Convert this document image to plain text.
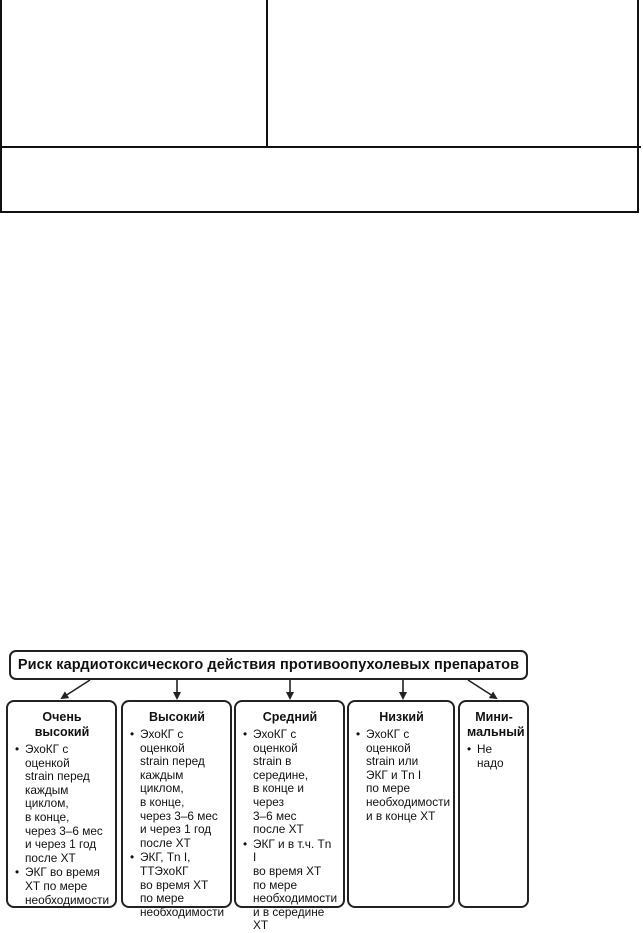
Риск кардиотоксического действия противоопухолевых препаратов
Очень
высокий
• ЭхоКГ с оценкой
strain перед
каждым циклом,
в конце,
через 3–6 мес
и через 1 год
после ХТ
• ЭКГ во время
ХТ по мере
необходимости
Высокий
• ЭхоКГ с оценкой
strain перед
каждым циклом,
в конце,
через 3–6 мес
и через 1 год
после ХТ
• ЭКГ, Tn I,
ТТЭхоКГ
во время ХТ
по мере
необходимости
Средний
• ЭхоКГ с оценкой
strain в середине,
в конце и через
3–6 мес
после ХТ
• ЭКГ и в т.ч. Tn I
во время ХТ
по мере
необходимости
и в середине
ХТ
Низкий
• ЭхоКГ с оценкой
strain или
ЭКГ и Tn I
по мере
необходимости
и в конце ХТ
Мини-
мальный
• Не надо
